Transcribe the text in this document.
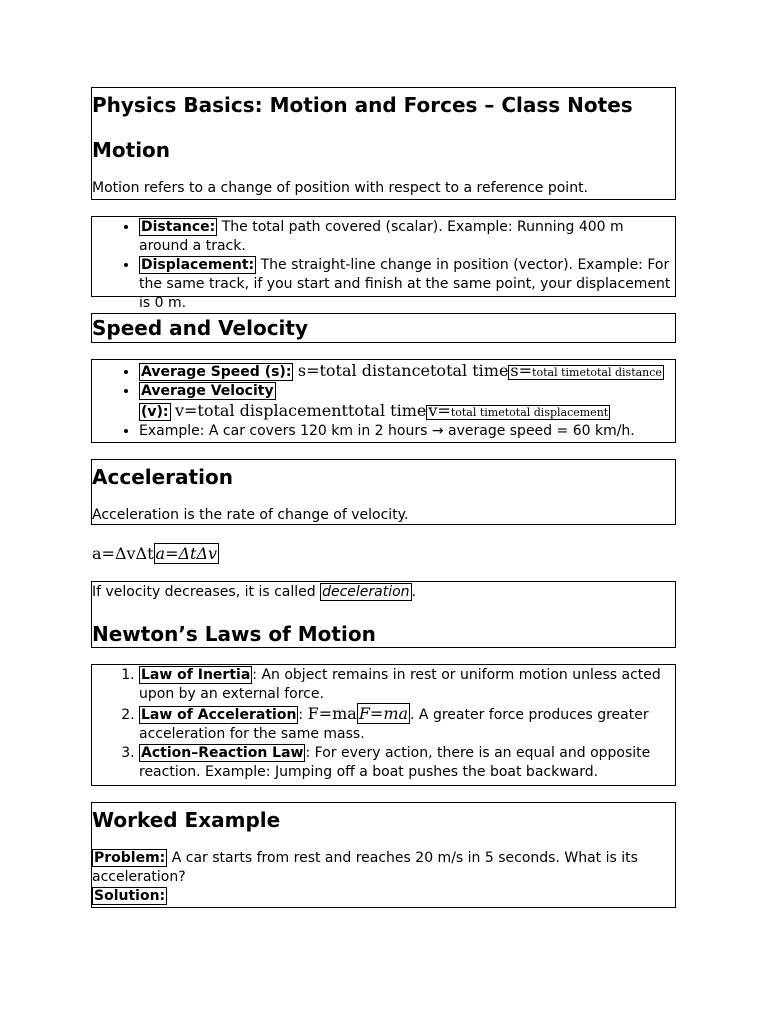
Physics Basics: Motion and Forces – Class Notes
Motion

Motion refers to a change of position with respect to a reference point.

• Distance: The total path covered (scalar). Example: Running 400 m around a track.
• Displacement: The straight-line change in position (vector). Example: For the same track, if you start and finish at the same point, your displacement is 0 m.
Speed and Velocity
• Average Speed (s): s=total distancetotal time s=total timetotal distance
• Average Velocity
(v): v=total displacementtotal time v=total timetotal displacement
• Example: A car covers 120 km in 2 hours → average speed = 60 km/h.
Acceleration

Acceleration is the rate of change of velocity.

a=ΔvΔt a=ΔtΔv

If velocity decreases, it is called deceleration .

Newton’s Laws of Motion
1. Law of Inertia : An object remains in rest or uniform motion unless acted upon by an external force.
2. Law of Acceleration : F=ma F=ma . A greater force produces greater acceleration for the same mass.
3. Action–Reaction Law : For every action, there is an equal and opposite reaction. Example: Jumping off a boat pushes the boat backward.
Worked Example

Problem: A car starts from rest and reaches 20 m/s in 5 seconds. What is its acceleration?

Solution:
